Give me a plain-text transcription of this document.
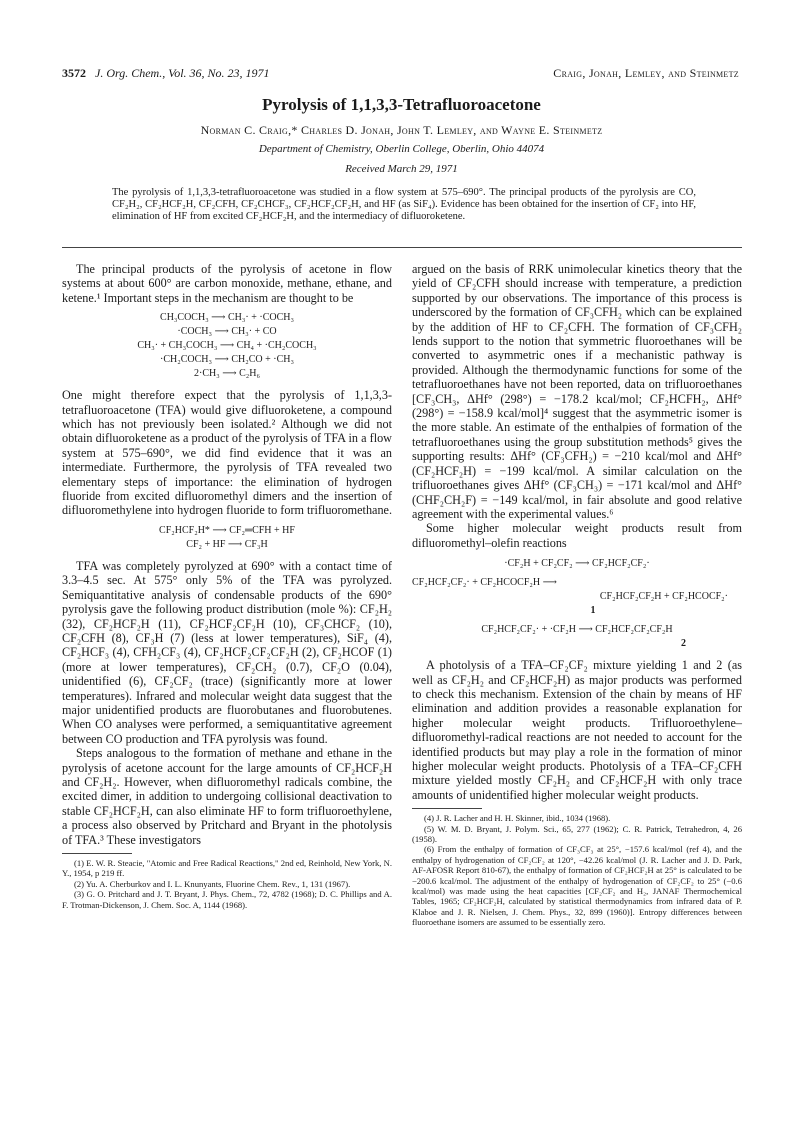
3572 J. Org. Chem., Vol. 36, No. 23, 1971	Craig, Jonah, Lemley, and Steinmetz
Pyrolysis of 1,1,3,3-Tetrafluoroacetone
Norman C. Craig,* Charles D. Jonah, John T. Lemley, and Wayne E. Steinmetz
Department of Chemistry, Oberlin College, Oberlin, Ohio 44074
Received March 29, 1971
The pyrolysis of 1,1,3,3-tetrafluoroacetone was studied in a flow system at 575–690°. The principal products of the pyrolysis are CO, CF₂H₂, CF₂HCF₂H, CF₂CFH, CF₂CHCF₃, CF₂HCF₂CF₂H, and HF (as SiF₄). Evidence has been obtained for the insertion of CF₂ into HF, elimination of HF from excited CF₂HCF₂H, and the intermediacy of difluoroketene.

The principal products of the pyrolysis of acetone in flow systems at about 600° are carbon monoxide, methane, ethane, and ketene.¹ Important steps in the mechanism are thought to be

CH₃COCH₃ ⟶ CH₃· + ·COCH₃
·COCH₃ ⟶ CH₃· + CO
CH₃· + CH₃COCH₃ ⟶ CH₄ + ·CH₂COCH₃
·CH₂COCH₃ ⟶ CH₂CO + ·CH₃
2·CH₃ ⟶ C₂H₆

One might therefore expect that the pyrolysis of 1,1,3,3-tetrafluoroacetone (TFA) would give difluoroketene, a compound which has not previously been isolated.² Although we did not obtain difluoroketene as a product of the pyrolysis of TFA in a flow system at 575–690°, we did find evidence that it was an intermediate. Furthermore, the pyrolysis of TFA revealed two elementary steps of importance: the elimination of hydrogen fluoride from excited difluoromethyl dimers and the insertion of difluoromethylene into hydrogen fluoride to form trifluoromethane.

CF₂HCF₂H* ⟶ CF₂═CFH + HF
CF₂ + HF ⟶ CF₃H

TFA was completely pyrolyzed at 690° with a contact time of 3.3–4.5 sec. At 575° only 5% of the TFA was pyrolyzed. Semiquantitative analysis of condensable products of the 690° pyrolysis gave the following product distribution (mole %): CF₂H₂ (32), CF₂HCF₂H (11), CF₂HCF₂CF₂H (10), CF₃CHCF₂ (10), CF₂CFH (8), CF₃H (7) (less at lower temperatures), SiF₄ (4), CF₂HCF₃ (4), CFH₂CF₃ (4), CF₂HCF₂CF₂CF₂H (2), CF₂HCOF (1) (more at lower temperatures), CF₂CH₂ (0.7), CF₂O (0.04), unidentified (6), CF₂CF₂ (trace) (significantly more at lower temperatures). Infrared and molecular weight data suggest that the major unidentified products are fluorobutanes and fluorobutenes. When CO analyses were performed, a semiquantitative agreement between CO production and TFA pyrolysis was found.

Steps analogous to the formation of methane and ethane in the pyrolysis of acetone account for the large amounts of CF₂HCF₂H and CF₂H₂. However, when difluoromethyl radicals combine, the excited dimer, in addition to undergoing collisional deactivation to stable CF₂HCF₂H, can also eliminate HF to form trifluoroethylene, a process also observed by Pritchard and Bryant in the photolysis of TFA.³ These investigators

(1) E. W. R. Steacie, "Atomic and Free Radical Reactions," 2nd ed, Reinhold, New York, N. Y., 1954, p 219 ff.

(2) Yu. A. Cherburkov and I. L. Knunyants, Fluorine Chem. Rev., 1, 131 (1967).

(3) G. O. Pritchard and J. T. Bryant, J. Phys. Chem., 72, 4782 (1968); D. C. Phillips and A. F. Trotman-Dickenson, J. Chem. Soc. A, 1144 (1968).

argued on the basis of RRK unimolecular kinetics theory that the yield of CF₂CFH should increase with temperature, a prediction supported by our observations. The importance of this process is underscored by the formation of CF₃CFH₂ which can be explained by the addition of HF to CF₂CFH. The formation of CF₃CFH₂ lends support to the notion that symmetric fluoroethanes will be converted to asymmetric ones if a mechanistic pathway is provided. Although the thermodynamic functions for some of the tetrafluoroethanes have not been reported, data on trifluoroethanes [CF₃CH₃, ΔHf° (298°) = −178.2 kcal/mol; CF₂HCFH₂, ΔHf° (298°) = −158.9 kcal/mol]⁴ suggest that the asymmetric isomer is the more stable. An estimate of the enthalpies of formation of the tetrafluoroethanes using the group substitution methods⁵ gives the supporting results: ΔHf° (CF₃CFH₂) = −210 kcal/mol and ΔHf° (CF₂HCF₂H) = −199 kcal/mol. A similar calculation on the trifluoroethanes gives ΔHf° (CF₃CH₃) = −171 kcal/mol and ΔHf° (CHF₂CH₂F) = −149 kcal/mol, in fair absolute and good relative agreement with the experimental values.⁶

Some higher molecular weight products result from difluoromethyl–olefin reactions

·CF₂H + CF₂CF₂ ⟶ CF₂HCF₂CF₂·
CF₂HCF₂CF₂· + CF₂HCOCF₂H ⟶
CF₂HCF₂CF₂H + CF₂HCOCF₂·
1
CF₂HCF₂CF₂· + ·CF₂H ⟶ CF₂HCF₂CF₂CF₂H
2

A photolysis of a TFA–CF₂CF₂ mixture yielding 1 and 2 (as well as CF₂H₂ and CF₂HCF₂H) as major products was performed to check this mechanism. Extension of the chain by means of HF elimination and addition provides a reasonable explanation for higher molecular weight products. Trifluoroethylene–difluoromethyl-radical reactions are not needed to account for the identified products but may play a role in the formation of minor higher molecular weight products. Photolysis of a TFA–CF₂CFH mixture yielded mostly CF₂H₂ and CF₂HCF₂H with only trace amounts of unidentified higher molecular weight products.

(4) J. R. Lacher and H. H. Skinner, ibid., 1034 (1968).

(5) W. M. D. Bryant, J. Polym. Sci., 65, 277 (1962); C. R. Patrick, Tetrahedron, 4, 26 (1958).

(6) From the enthalpy of formation of CF₃CF₃ at 25°, −157.6 kcal/mol (ref 4), and the enthalpy of hydrogenation of CF₂CF₂ at 120°, −42.26 kcal/mol (J. R. Lacher and J. D. Park, AF-AFOSR Report 810-67), the enthalpy of formation of CF₂HCF₂H at 25° is calculated to be −200.6 kcal/mol. The adjustment of the enthalpy of hydrogenation of CF₂CF₂ to 25° (−0.6 kcal/mol) was made using the heat capacities [CF₂CF₂ and H₂, JANAF Thermochemical Tables, 1965; CF₂HCF₂H, calculated by statistical thermodynamics from infrared data of P. Klaboe and J. R. Nielsen, J. Chem. Phys., 32, 899 (1960)]. Entropy differences between fluoroethane isomers are assumed to be essentially zero.
